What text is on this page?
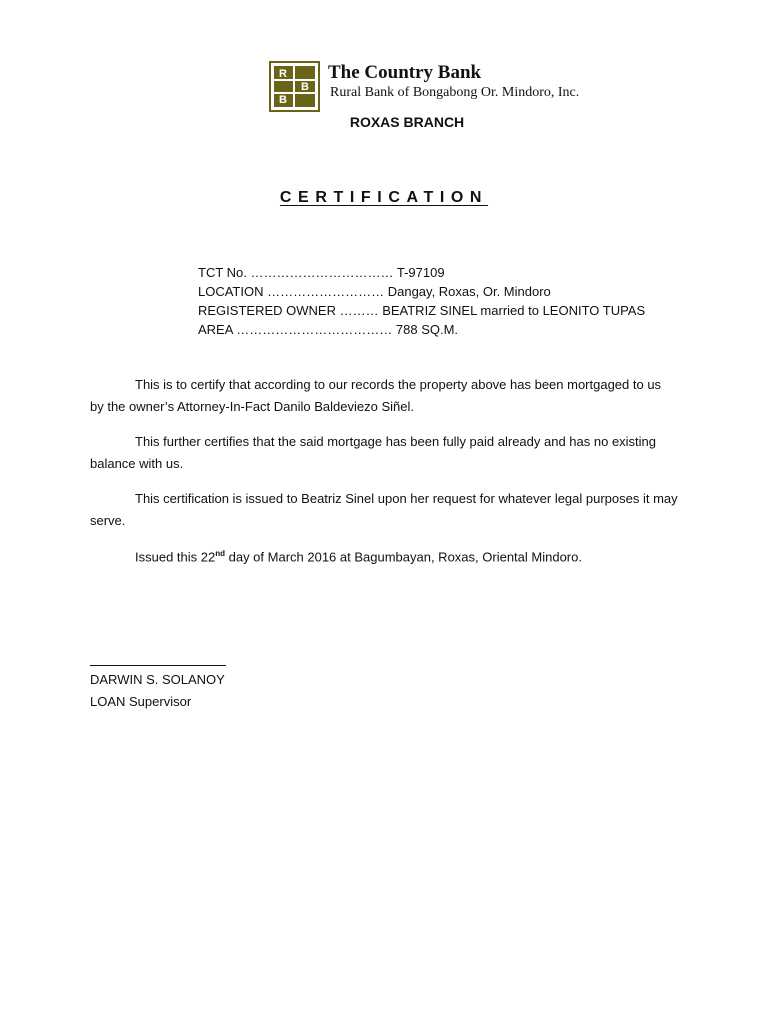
R
B
B
The Country Bank
Rural Bank of Bongabong Or. Mindoro, Inc.
ROXAS BRANCH
CERTIFICATION
TCT No. …………………………… T-97109
LOCATION ……………………… Dangay, Roxas, Or. Mindoro
REGISTERED OWNER ……… BEATRIZ SINEL married to LEONITO TUPAS
AREA ……………………………… 788 SQ.M.
This is to certify that according to our records the property above has been mortgaged to us by the owner’s Attorney-In-Fact Danilo Baldeviezo Siñel.
This further certifies that the said mortgage has been fully paid already and has no existing balance with us.
This certification is issued to Beatriz Sinel upon her request for whatever legal purposes it may serve.
Issued this 22nd day of March 2016 at Bagumbayan, Roxas, Oriental Mindoro.
DARWIN S. SOLANOY
LOAN Supervisor
